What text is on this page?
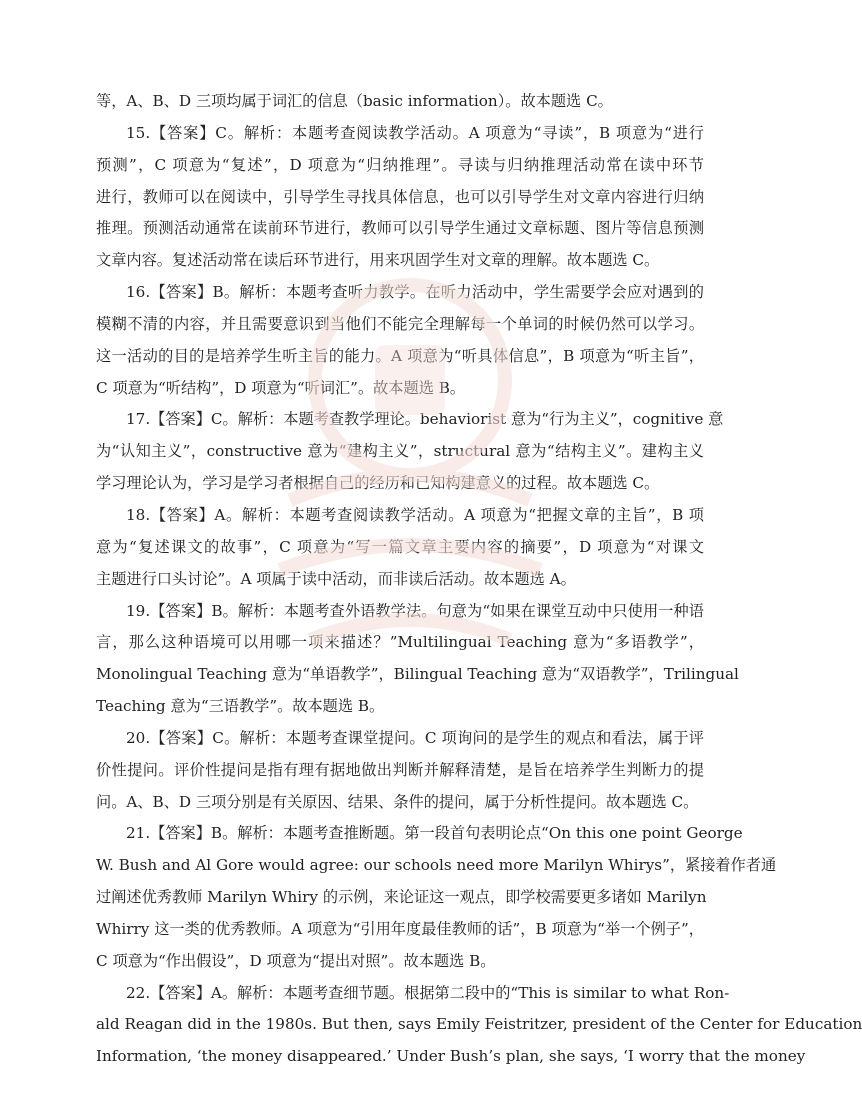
等，A、B、D 三项均属于词汇的信息（basic information）。故本题选 C。
15.【答案】C。解析：本题考查阅读教学活动。A 项意为“寻读”，B 项意为“进行
预测”，C 项意为“复述”，D 项意为“归纳推理”。寻读与归纳推理活动常在读中环节
进行，教师可以在阅读中，引导学生寻找具体信息，也可以引导学生对文章内容进行归纳
推理。预测活动通常在读前环节进行，教师可以引导学生通过文章标题、图片等信息预测
文章内容。复述活动常在读后环节进行，用来巩固学生对文章的理解。故本题选 C。
16.【答案】B。解析：本题考查听力教学。在听力活动中，学生需要学会应对遇到的
模糊不清的内容，并且需要意识到当他们不能完全理解每一个单词的时候仍然可以学习。
这一活动的目的是培养学生听主旨的能力。A 项意为“听具体信息”，B 项意为“听主旨”，
C 项意为“听结构”，D 项意为“听词汇”。故本题选 B。
17.【答案】C。解析：本题考查教学理论。behaviorist 意为“行为主义”，cognitive 意
为“认知主义”，constructive 意为“建构主义”，structural 意为“结构主义”。建构主义
学习理论认为，学习是学习者根据自己的经历和已知构建意义的过程。故本题选 C。
18.【答案】A。解析：本题考查阅读教学活动。A 项意为“把握文章的主旨”，B 项
意为“复述课文的故事”，C 项意为“写一篇文章主要内容的摘要”，D 项意为“对课文
主题进行口头讨论”。A 项属于读中活动，而非读后活动。故本题选 A。
19.【答案】B。解析：本题考查外语教学法。句意为“如果在课堂互动中只使用一种语
言，那么这种语境可以用哪一项来描述？”Multilingual Teaching 意为“多语教学”，
Monolingual Teaching 意为“单语教学”，Bilingual Teaching 意为“双语教学”，Trilingual
Teaching 意为“三语教学”。故本题选 B。
20.【答案】C。解析：本题考查课堂提问。C 项询问的是学生的观点和看法，属于评
价性提问。评价性提问是指有理有据地做出判断并解释清楚，是旨在培养学生判断力的提
问。A、B、D 三项分别是有关原因、结果、条件的提问，属于分析性提问。故本题选 C。
21.【答案】B。解析：本题考查推断题。第一段首句表明论点“On this one point George
W. Bush and Al Gore would agree: our schools need more Marilyn Whirys”，紧接着作者通
过阐述优秀教师 Marilyn Whiry 的示例，来论证这一观点，即学校需要更多诸如 Marilyn
Whirry 这一类的优秀教师。A 项意为“引用年度最佳教师的话”，B 项意为“举一个例子”，
C 项意为“作出假设”，D 项意为“提出对照”。故本题选 B。
22.【答案】A。解析：本题考查细节题。根据第二段中的“This is similar to what Ron-
ald Reagan did in the 1980s. But then, says Emily Feistritzer, president of the Center for Education
Information, ‘the money disappeared.’ Under Bush’s plan, she says, ‘I worry that the money
